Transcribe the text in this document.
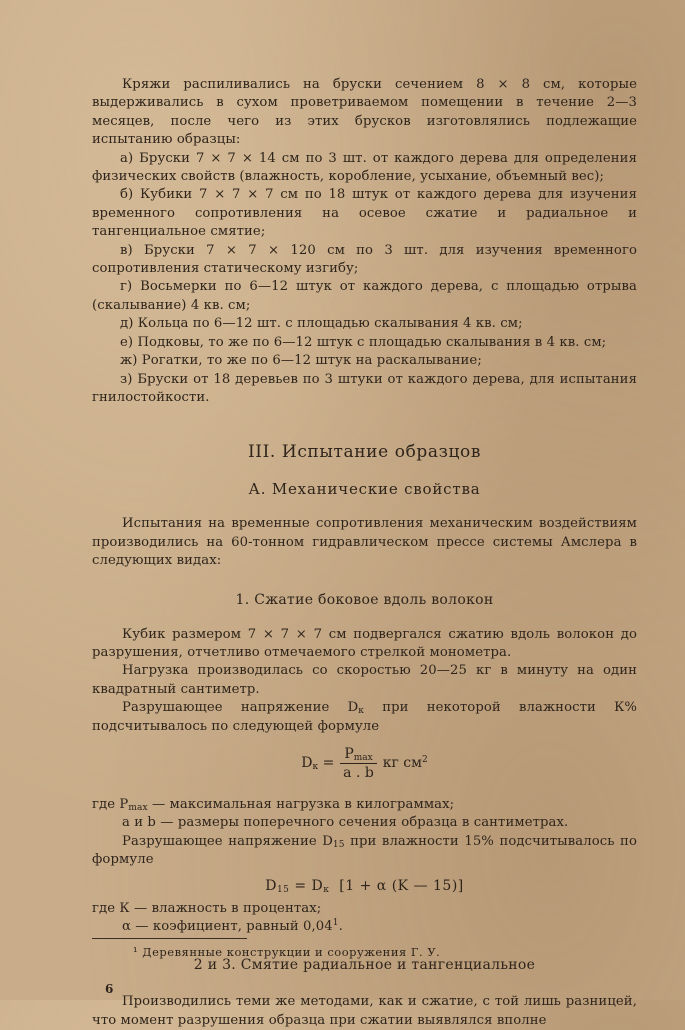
Кряжи распиливались на бруски сечением 8 × 8 см, которые выдерживались в сухом проветриваемом помещении в течение 2—3 месяцев, после чего из этих брусков изготовлялись подлежащие испытанию образцы:

а) Бруски 7 × 7 × 14 см по 3 шт. от каждого дерева для определения физических свойств (влажность, коробление, усыхание, объемный вес);

б) Кубики 7 × 7 × 7 см по 18 штук от каждого дерева для изучения временного сопротивления на осевое сжатие и радиальное и тангенциальное смятие;

в) Бруски 7 × 7 × 120 см по 3 шт. для изучения временного сопротивления статическому изгибу;

г) Восьмерки по 6—12 штук от каждого дерева, с площадью отрыва (скалывание) 4 кв. см;

д) Кольца по 6—12 шт. с площадью скалывания 4 кв. см;

е) Подковы, то же по 6—12 штук с площадью скалывания в 4 кв. см;

ж) Рогатки, то же по 6—12 штук на раскалывание;

з) Бруски от 18 деревьев по 3 штуки от каждого дерева, для испытания гнилостойкости.

III. Испытание образцов
А. Механические свойства

Испытания на временные сопротивления механическим воздействиям производились на 60-тонном гидравлическом прессе системы Амслера в следующих видах:

1. Сжатие боковое вдоль волокон

Кубик размером 7 × 7 × 7 см подвергался сжатию вдоль волокон до разрушения, отчетливо отмечаемого стрелкой монометра.

Нагрузка производилась со скоростью 20—25 кг в минуту на один квадратный сантиметр.

Разрушающее напряжение $D_к$ при некоторой влажности К% подсчитывалось по следующей формуле

$D_к = \frac{P_{max}}{a . b}$ кг $см^2$

где $P_{max}$ — максимальная нагрузка в килограммах;

a и b — размеры поперечного сечения образца в сантиметрах.

Разрушающее напряжение $D_{15}$ при влажности 15% подсчитывалось по формуле

$D_{15} = D_к$  [1 + α (K — 15)]

где К — влажность в процентах;

α — коэфициент, равный 0,04$^1$.

2 и 3. Смятие радиальное и тангенциальное

Производились теми же методами, как и сжатие, с той лишь разницей, что момент разрушения образца при сжатии выявлялся вполне

¹ Деревянные конструкции и сооружения Г. У.
6
